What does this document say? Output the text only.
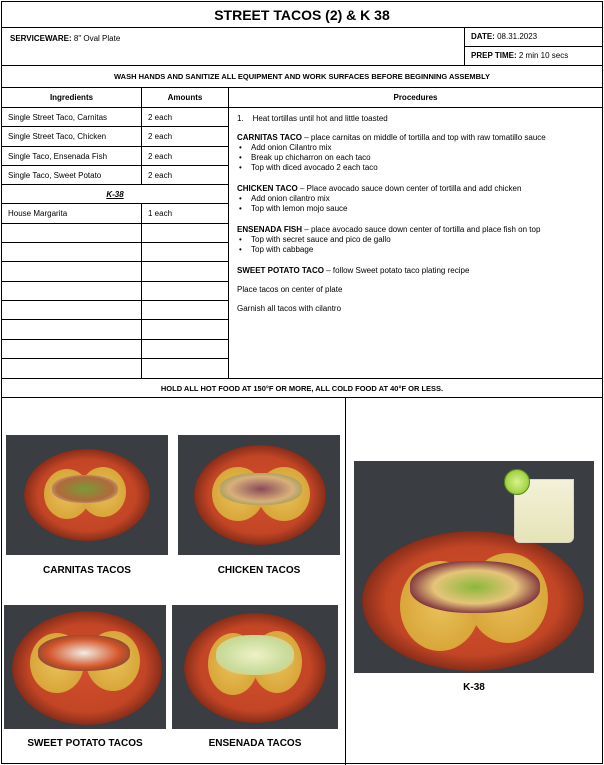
STREET TACOS (2) & K 38
SERVICEWARE: 8" Oval Plate	DATE: 08.31.2023
PREP TIME: 2 min 10 secs
WASH HANDS AND SANITIZE ALL EQUIPMENT AND WORK SURFACES BEFORE BEGINNING ASSEMBLY
Ingredients	Amounts	Procedures
Single Street Taco, Carnitas	2 each
Single Street Taco, Chicken	2 each
Single Taco, Ensenada Fish	2 each
Single Taco, Sweet Potato	2 each
K-38
House Margarita	1 each

1. Heat tortillas until hot and little toasted

CARNITAS TACO – place carnitas on middle of tortilla and top with raw tomatillo sauce
• Add onion Cilantro mix
• Break up chicharron on each taco
• Top with diced avocado 2 each taco
CHICKEN TACO – Place avocado sauce down center of tortilla and add chicken
• Add onion cilantro mix
• Top with lemon mojo sauce
ENSENADA FISH – place avocado sauce down center of tortilla and place fish on top
• Top with secret sauce and pico de gallo
• Top with cabbage

SWEET POTATO TACO – follow Sweet potato taco plating recipe

Place tacos on center of plate

Garnish all tacos with cilantro

HOLD ALL HOT FOOD AT 150°F OR MORE, ALL COLD FOOD AT 40°F OR LESS.
CARNITAS TACOS	CHICKEN TACOS
SWEET POTATO TACOS	ENSENADA TACOS
K-38
